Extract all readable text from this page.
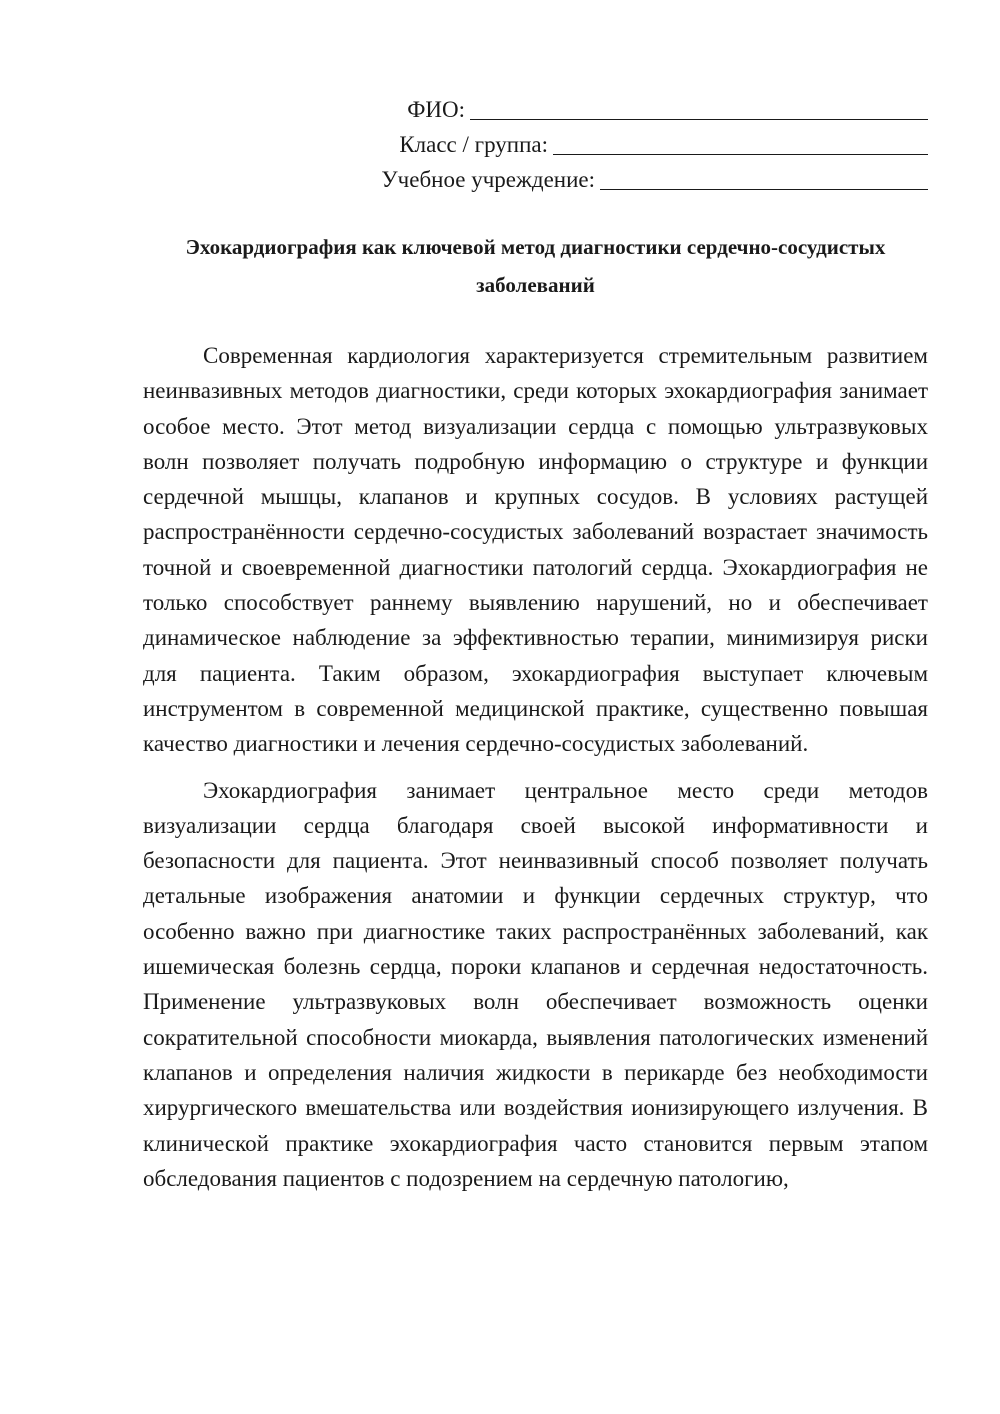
ФИО:
Класс / группа:
Учебное учреждение:
Эхокардиография как ключевой метод диагностики сердечно-сосудистых
заболеваний

Современная кардиология характеризуется стремительным развитием неинвазивных методов диагностики, среди которых эхокардиография занимает особое место. Этот метод визуализации сердца с помощью ультразвуковых волн позволяет получать подробную информацию о структуре и функции сердечной мышцы, клапанов и крупных сосудов. В условиях растущей распространённости сердечно-сосудистых заболеваний возрастает значимость точной и своевременной диагностики патологий сердца. Эхокардиография не только способствует раннему выявлению нарушений, но и обеспечивает динамическое наблюдение за эффективностью терапии, минимизируя риски для пациента. Таким образом, эхокардиография выступает ключевым инструментом в современной медицинской практике, существенно повышая качество диагностики и лечения сердечно-сосудистых заболеваний.

Эхокардиография занимает центральное место среди методов визуализации сердца благодаря своей высокой информативности и безопасности для пациента. Этот неинвазивный способ позволяет получать детальные изображения анатомии и функции сердечных структур, что особенно важно при диагностике таких распространённых заболеваний, как ишемическая болезнь сердца, пороки клапанов и сердечная недостаточность. Применение ультразвуковых волн обеспечивает возможность оценки сократительной способности миокарда, выявления патологических изменений клапанов и определения наличия жидкости в перикарде без необходимости хирургического вмешательства или воздействия ионизирующего излучения. В клинической практике эхокардиография часто становится первым этапом обследования пациентов с подозрением на сердечную патологию,
